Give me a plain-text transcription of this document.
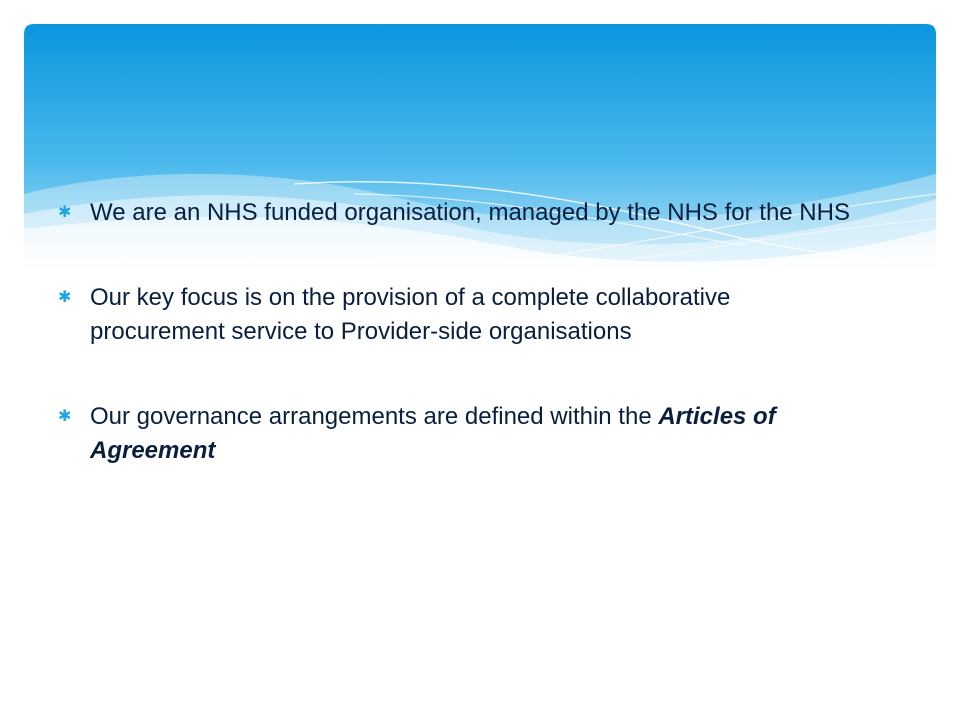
✱ We are an NHS funded organisation, managed by the NHS for the NHS
✱ Our key focus is on the provision of a complete collaborative procurement service to Provider-side organisations
✱ Our governance arrangements are defined within the Articles of Agreement
